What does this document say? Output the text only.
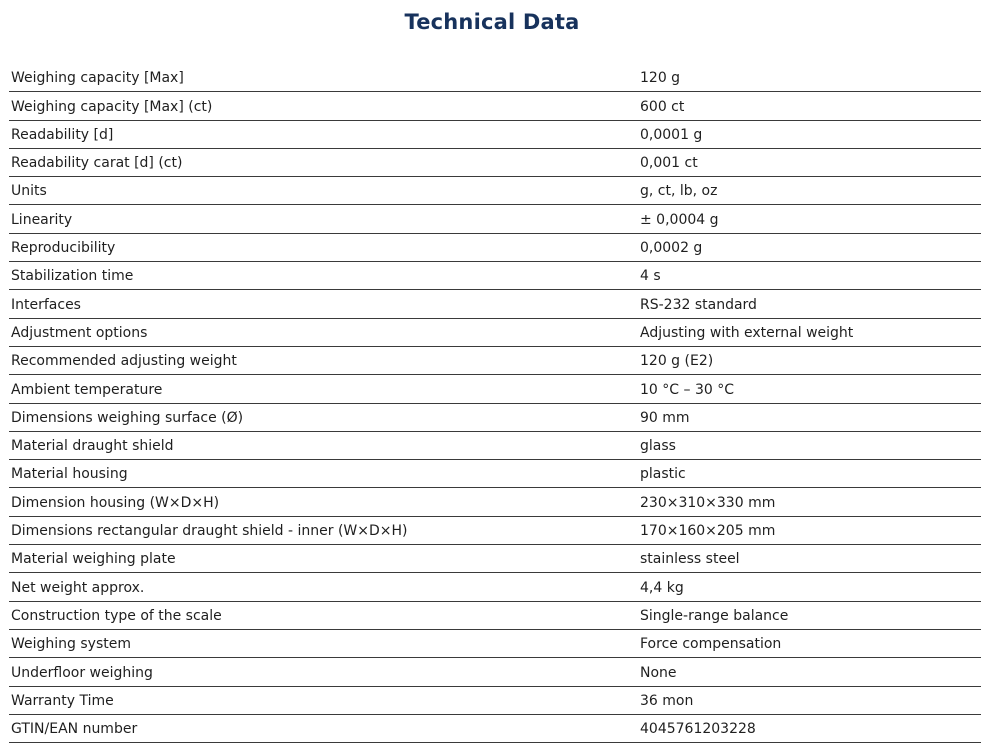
Technical Data
Weighing capacity [Max]	120 g
Weighing capacity [Max] (ct)	600 ct
Readability [d]	0,0001 g
Readability carat [d] (ct)	0,001 ct
Units	g, ct, lb, oz
Linearity	± 0,0004 g
Reproducibility	0,0002 g
Stabilization time	4 s
Interfaces	RS-232 standard
Adjustment options	Adjusting with external weight
Recommended adjusting weight	120 g (E2)
Ambient temperature	10 °C – 30 °C
Dimensions weighing surface (Ø)	90 mm
Material draught shield	glass
Material housing	plastic
Dimension housing (W×D×H)	230×310×330 mm
Dimensions rectangular draught shield - inner (W×D×H)	170×160×205 mm
Material weighing plate	stainless steel
Net weight approx.	4,4 kg
Construction type of the scale	Single-range balance
Weighing system	Force compensation
Underfloor weighing	None
Warranty Time	36 mon
GTIN/EAN number	4045761203228
